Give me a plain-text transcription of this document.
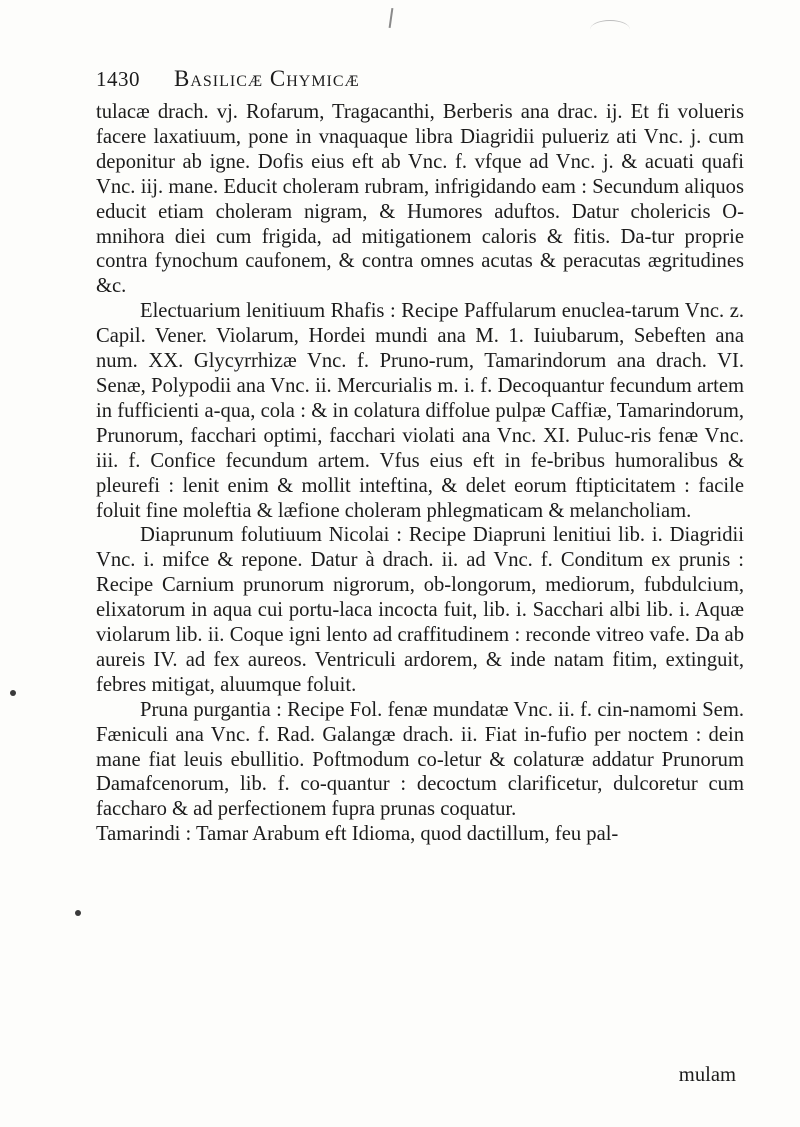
1430 Basilicæ Chymicæ

tulacæ drach. vj. Rofarum, Tragacanthi, Berberis ana drac. ij. Et fi volueris facere laxatiuum, pone in vnaquaque libra Diagridii pulueriz ati Vnc. j. cum deponitur ab igne. Dofis eius eft ab Vnc. f. vfque ad Vnc. j. & acuati quafi Vnc. iij. mane. Educit choleram rubram, infrigidando eam : Secundum aliquos educit etiam choleram nigram, & Humores aduftos. Datur cholericis O-mnihora diei cum frigida, ad mitigationem caloris & fitis. Da-tur proprie contra fynochum caufonem, & contra omnes acutas & peracutas ægritudines &c.

Electuarium lenitiuum Rhafis : Recipe Paffularum enuclea-tarum Vnc. z. Capil. Vener. Violarum, Hordei mundi ana M. 1. Iuiubarum, Sebeften ana num. XX. Glycyrrhizæ Vnc. f. Pruno-rum, Tamarindorum ana drach. VI. Senæ, Polypodii ana Vnc. ii. Mercurialis m. i. f. Decoquantur fecundum artem in fufficienti a-qua, cola : & in colatura diffolue pulpæ Caffiæ, Tamarindorum, Prunorum, facchari optimi, facchari violati ana Vnc. XI. Puluc-ris fenæ Vnc. iii. f. Confice fecundum artem. Vfus eius eft in fe-bribus humoralibus & pleurefi : lenit enim & mollit inteftina, & delet eorum ftipticitatem : facile foluit fine moleftia & læfione choleram phlegmaticam & melancholiam.

Diaprunum folutiuum Nicolai : Recipe Diapruni lenitiui lib. i. Diagridii Vnc. i. mifce & repone. Datur à drach. ii. ad Vnc. f. Conditum ex prunis : Recipe Carnium prunorum nigrorum, ob-longorum, mediorum, fubdulcium, elixatorum in aqua cui portu-laca incocta fuit, lib. i. Sacchari albi lib. i. Aquæ violarum lib. ii. Coque igni lento ad craffitudinem : reconde vitreo vafe. Da ab aureis IV. ad fex aureos. Ventriculi ardorem, & inde natam fitim, extinguit, febres mitigat, aluumque foluit.

Pruna purgantia : Recipe Fol. fenæ mundatæ Vnc. ii. f. cin-namomi Sem. Fæniculi ana Vnc. f. Rad. Galangæ drach. ii. Fiat in-fufio per noctem : dein mane fiat leuis ebullitio. Poftmodum co-letur & colaturæ addatur Prunorum Damafcenorum, lib. f. co-quantur : decoctum clarificetur, dulcoretur cum faccharo & ad perfectionem fupra prunas coquatur.

Tamarindi : Tamar Arabum eft Idioma, quod dactillum, feu pal-

mulam
